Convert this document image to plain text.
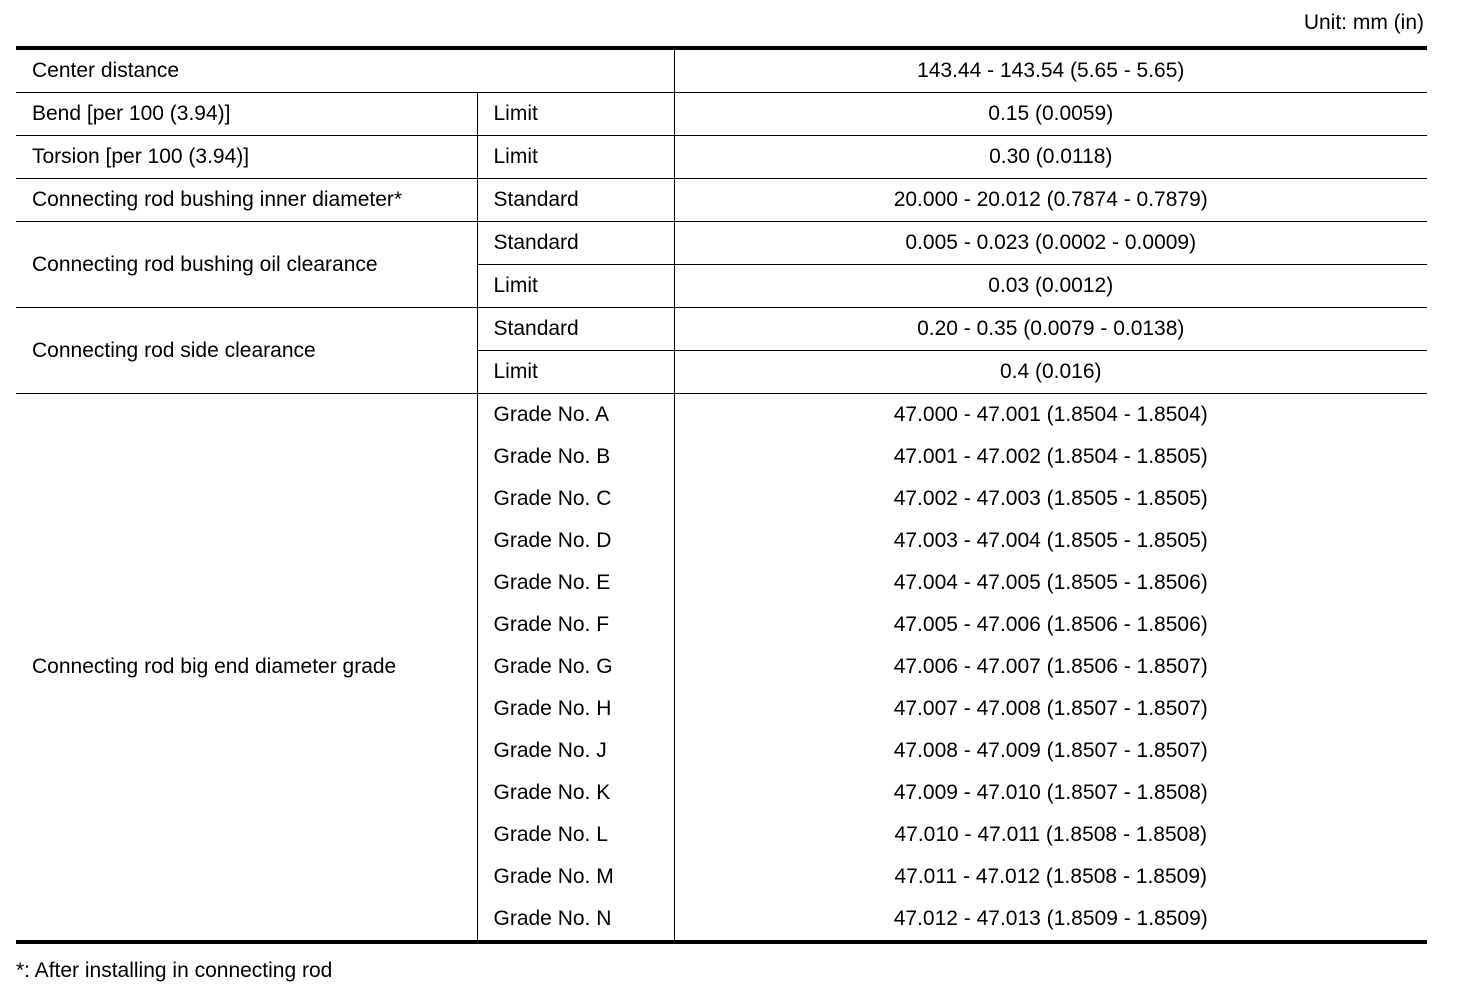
Unit: mm (in)
Center distance		143.44 - 143.54 (5.65 - 5.65)
Bend [per 100 (3.94)]	Limit	0.15 (0.0059)
Torsion [per 100 (3.94)]	Limit	0.30 (0.0118)
Connecting rod bushing inner diameter*	Standard	20.000 - 20.012 (0.7874 - 0.7879)
Connecting rod bushing oil clearance	Standard	0.005 - 0.023 (0.0002 - 0.0009)
	Limit	0.03 (0.0012)
Connecting rod side clearance	Standard	0.20 - 0.35 (0.0079 - 0.0138)
	Limit	0.4 (0.016)
Connecting rod big end diameter grade	Grade No. A	47.000 - 47.001 (1.8504 - 1.8504)
	Grade No. B	47.001 - 47.002 (1.8504 - 1.8505)
	Grade No. C	47.002 - 47.003 (1.8505 - 1.8505)
	Grade No. D	47.003 - 47.004 (1.8505 - 1.8505)
	Grade No. E	47.004 - 47.005 (1.8505 - 1.8506)
	Grade No. F	47.005 - 47.006 (1.8506 - 1.8506)
	Grade No. G	47.006 - 47.007 (1.8506 - 1.8507)
	Grade No. H	47.007 - 47.008 (1.8507 - 1.8507)
	Grade No. J	47.008 - 47.009 (1.8507 - 1.8507)
	Grade No. K	47.009 - 47.010 (1.8507 - 1.8508)
	Grade No. L	47.010 - 47.011 (1.8508 - 1.8508)
	Grade No. M	47.011 - 47.012 (1.8508 - 1.8509)
	Grade No. N	47.012 - 47.013 (1.8509 - 1.8509)
*: After installing in connecting rod
